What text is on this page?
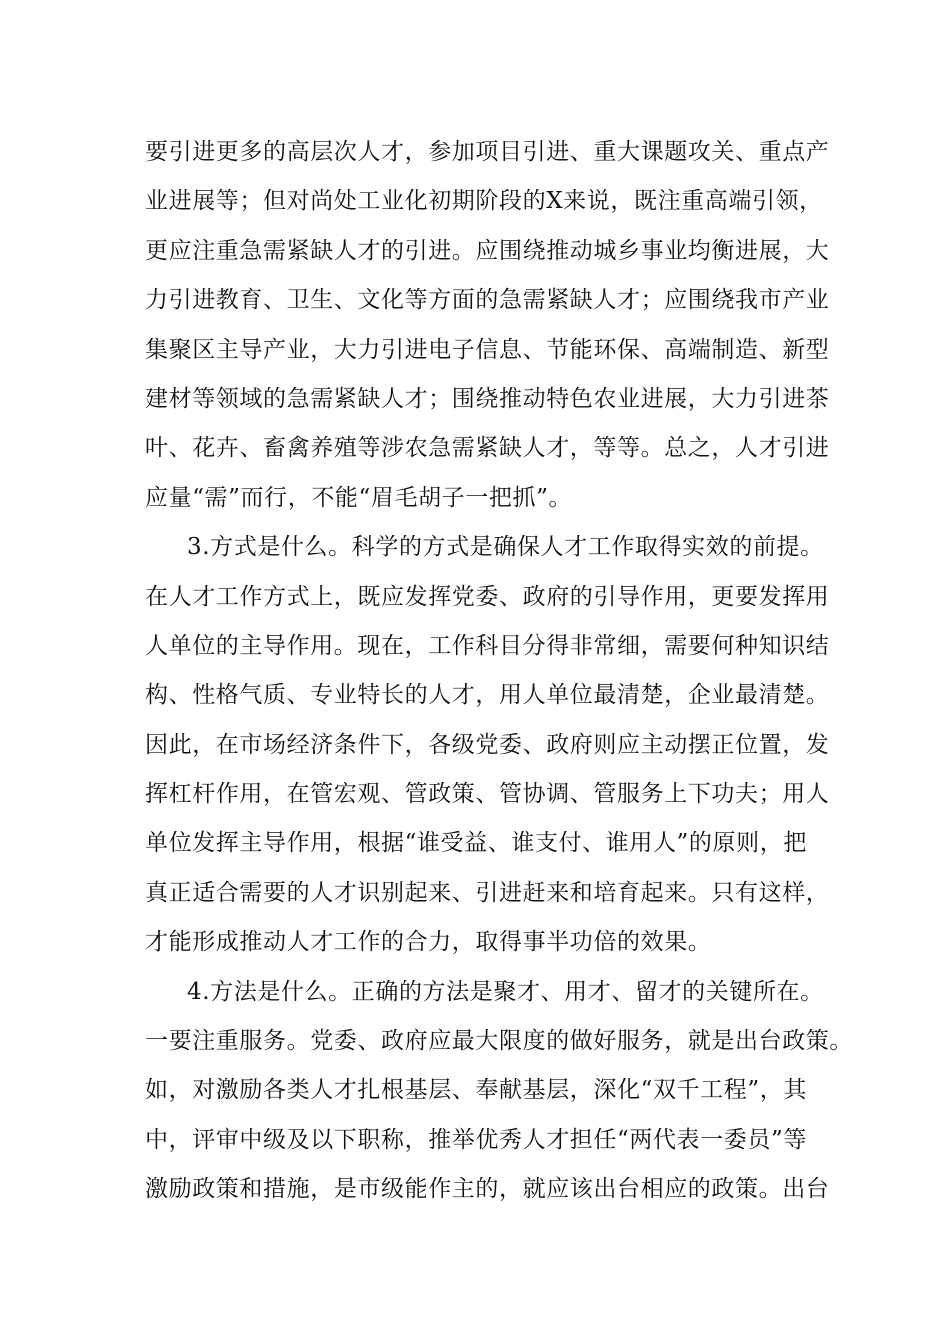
要引进更多的高层次人才，参加项目引进、重大课题攻关、重点产
业进展等；但对尚处工业化初期阶段的X来说，既注重高端引领，
更应注重急需紧缺人才的引进。应围绕推动城乡事业均衡进展，大
力引进教育、卫生、文化等方面的急需紧缺人才；应围绕我市产业
集聚区主导产业，大力引进电子信息、节能环保、高端制造、新型
建材等领域的急需紧缺人才；围绕推动特色农业进展，大力引进茶
叶、花卉、畜禽养殖等涉农急需紧缺人才，等等。总之，人才引进
应量“需”而行，不能“眉毛胡子一把抓”。
3.方式是什么。科学的方式是确保人才工作取得实效的前提。
在人才工作方式上，既应发挥党委、政府的引导作用，更要发挥用
人单位的主导作用。现在，工作科目分得非常细，需要何种知识结
构、性格气质、专业特长的人才，用人单位最清楚，企业最清楚。
因此，在市场经济条件下，各级党委、政府则应主动摆正位置，发
挥杠杆作用，在管宏观、管政策、管协调、管服务上下功夫；用人
单位发挥主导作用，根据“谁受益、谁支付、谁用人”的原则，把
真正适合需要的人才识别起来、引进赶来和培育起来。只有这样，
才能形成推动人才工作的合力，取得事半功倍的效果。
4.方法是什么。正确的方法是聚才、用才、留才的关键所在。
一要注重服务。党委、政府应最大限度的做好服务，就是出台政策。
如，对激励各类人才扎根基层、奉献基层，深化“双千工程”，其
中，评审中级及以下职称，推举优秀人才担任“两代表一委员”等
激励政策和措施，是市级能作主的，就应该出台相应的政策。出台
